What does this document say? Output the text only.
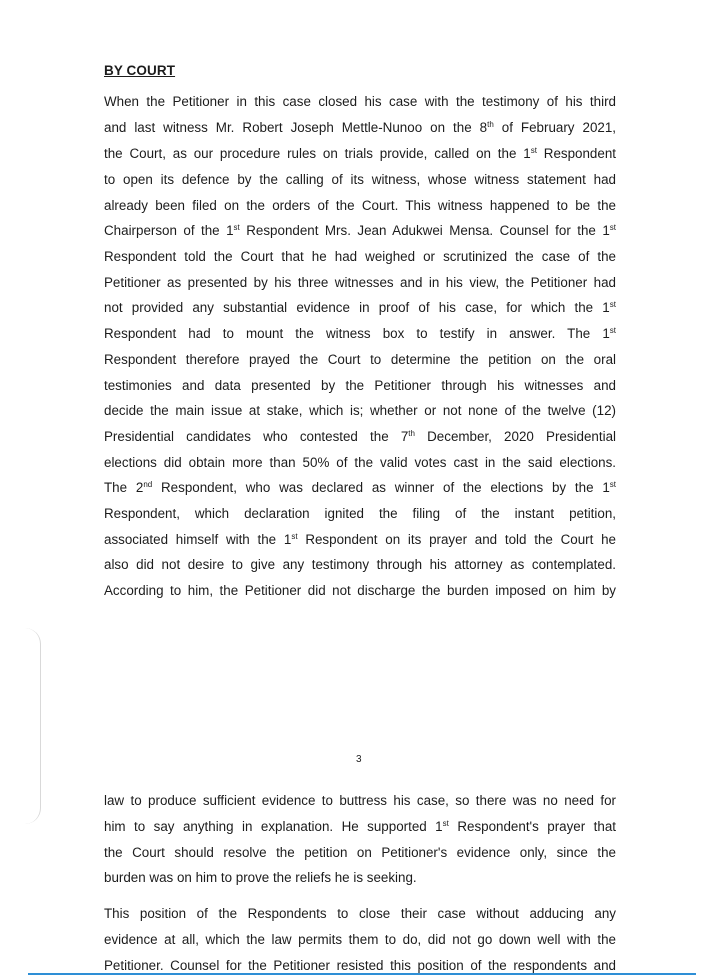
BY COURT
When the Petitioner in this case closed his case with the testimony of his third
and last witness Mr. Robert Joseph Mettle-Nunoo on the 8th of February 2021,
the Court, as our procedure rules on trials provide, called on the 1st Respondent
to open its defence by the calling of its witness, whose witness statement had
already been filed on the orders of the Court. This witness happened to be the
Chairperson of the 1st Respondent Mrs. Jean Adukwei Mensa. Counsel for the 1st
Respondent told the Court that he had weighed or scrutinized the case of the
Petitioner as presented by his three witnesses and in his view, the Petitioner had
not provided any substantial evidence in proof of his case, for which the 1st
Respondent had to mount the witness box to testify in answer. The 1st
Respondent therefore prayed the Court to determine the petition on the oral
testimonies and data presented by the Petitioner through his witnesses and
decide the main issue at stake, which is; whether or not none of the twelve (12)
Presidential candidates who contested the 7th December, 2020 Presidential
elections did obtain more than 50% of the valid votes cast in the said elections.
The 2nd Respondent, who was declared as winner of the elections by the 1st
Respondent, which declaration ignited the filing of the instant petition,
associated himself with the 1st Respondent on its prayer and told the Court he
also did not desire to give any testimony through his attorney as contemplated.
According to him, the Petitioner did not discharge the burden imposed on him by
3
law to produce sufficient evidence to buttress his case, so there was no need for
him to say anything in explanation. He supported 1st Respondent's prayer that
the Court should resolve the petition on Petitioner's evidence only, since the
burden was on him to prove the reliefs he is seeking.
This position of the Respondents to close their case without adducing any
evidence at all, which the law permits them to do, did not go down well with the
Petitioner. Counsel for the Petitioner resisted this position of the respondents and
